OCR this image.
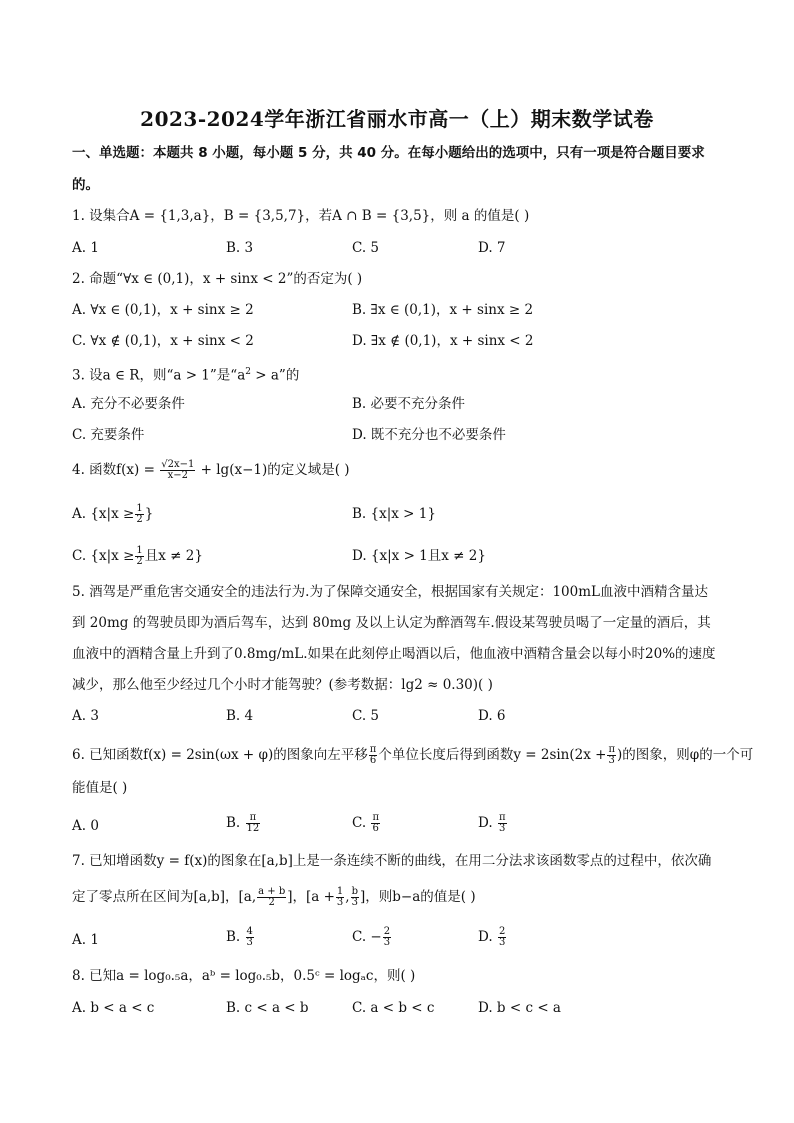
2023-2024学年浙江省丽水市高一（上）期末数学试卷
一、单选题：本题共 8 小题，每小题 5 分，共 40 分。在每小题给出的选项中，只有一项是符合题目要求
的。
1. 设集合A = {1,3,a}，B = {3,5,7}，若A ∩ B = {3,5}，则 a 的值是( )
A. 1	B. 3	C. 5	D. 7
2. 命题“∀x ∈ (0,1)，x + sinx < 2”的否定为( )
A. ∀x ∈ (0,1)，x + sinx ≥ 2	B. ∃x ∈ (0,1)，x + sinx ≥ 2
C. ∀x ∉ (0,1)，x + sinx < 2	D. ∃x ∉ (0,1)，x + sinx < 2
3. 设a ∈ R，则“a > 1”是“$a^2 > a$”的
A. 充分不必要条件	B. 必要不充分条件
C. 充要条件	D. 既不充分也不必要条件
4. 函数$f(x) = \frac{√2x-1}{x-2} + \lg(x-1)$的定义域是( )
A. {$x|x \ge \frac{1}{2}$ }	B. {x|x > 1}
C. {$x|x \ge \frac{1}{2}$ 且x ≠ 2}	D. {x|x > 1且x ≠ 2}
5. 酒驾是严重危害交通安全的违法行为.为了保障交通安全，根据国家有关规定：100mL血液中酒精含量达
到 20mg 的驾驶员即为酒后驾车，达到 80mg 及以上认定为醉酒驾车.假设某驾驶员喝了一定量的酒后，其
血液中的酒精含量上升到了0.8mg/mL.如果在此刻停止喝酒以后，他血液中酒精含量会以每小时20%的速度
减少，那么他至少经过几个小时才能驾驶？(参考数据：lg2 ≈ 0.30)( )
A. 3	B. 4	C. 5	D. 6
6. 已知函数f(x) = 2sin(ωx + φ)的图象向左平移 $\frac{\pi}{6}$ 个单位长度后得到函数$y = 2\sin(2x + \frac{\pi}{3}$ )的图象，则φ的一个可
能值是( )
A. 0	B. $\frac{\pi}{12}$	C. $\frac{\pi}{6}$	D. $\frac{\pi}{3}$
7. 已知增函数y = f(x)的图象在[a,b]上是一条连续不断的曲线，在用二分法求该函数零点的过程中，依次确
定了零点所在区间为[a,b]，[a, $\frac{a + b}{2}$ ]，[$a + \frac{1}{3}$ , $\frac{b}{3}$ ]，则b−a的值是( )
A. 1	B. $\frac{4}{3}$	C. − $\frac{2}{3}$	D. $\frac{2}{3}$
8. 已知a = log₀.₅a，aᵇ = log₀.₅b，0.5ᶜ = logₐc，则( )
A. b < a < c	B. c < a < b	C. a < b < c	D. b < c < a
